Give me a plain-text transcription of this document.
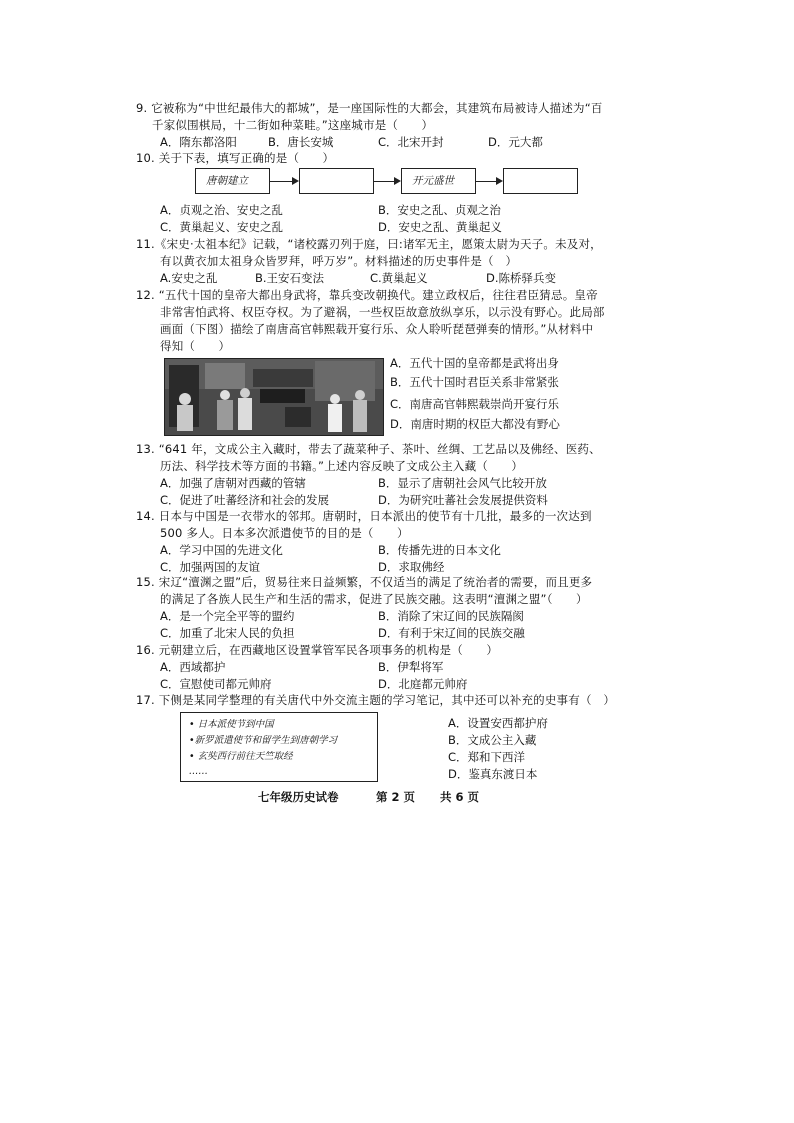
9. 它被称为“中世纪最伟大的都城”，是一座国际性的大都会，其建筑布局被诗人描述为“百
千家似围棋局，十二街如种菜畦。”这座城市是（　　）
A．隋东都洛阳	B．唐长安城	C．北宋开封	D．元大都
10. 关于下表，填写正确的是（　　）
唐朝建立	开元盛世
A．贞观之治、安史之乱	B．安史之乱、贞观之治
C．黄巢起义、安史之乱	D．安史之乱、黄巢起义
11.《宋史·太祖本纪》记载，“诸校露刃列于庭，曰:诸军无主，愿策太尉为天子。未及对，
有以黄衣加太祖身众皆罗拜，呼万岁”。材料描述的历史事件是（　）
A.安史之乱	B.王安石变法	C.黄巢起义	D.陈桥驿兵变
12. “五代十国的皇帝大都出身武将，靠兵变改朝换代。建立政权后，往往君臣猜忌。皇帝
非常害怕武将、权臣夺权。为了避祸，一些权臣故意放纵享乐，以示没有野心。此局部
画面（下图）描绘了南唐高官韩熙载开宴行乐、众人聆听琵琶弹奏的情形。”从材料中
得知（　　）
A．五代十国的皇帝都是武将出身
B．五代十国时君臣关系非常紧张
C．南唐高官韩熙载崇尚开宴行乐
D．南唐时期的权臣大都没有野心
13. “641 年，文成公主入藏时，带去了蔬菜种子、茶叶、丝绸、工艺品以及佛经、医药、
历法、科学技术等方面的书籍。”上述内容反映了文成公主入藏（　　）
A．加强了唐朝对西藏的管辖	B．显示了唐朝社会风气比较开放
C．促进了吐蕃经济和社会的发展	D．为研究吐蕃社会发展提供资料
14. 日本与中国是一衣带水的邻邦。唐朝时，日本派出的使节有十几批，最多的一次达到
500 多人。日本多次派遣使节的目的是（　　）
A．学习中国的先进文化	B．传播先进的日本文化
C．加强两国的友谊	D．求取佛经
15. 宋辽“澶渊之盟”后，贸易往来日益频繁，不仅适当的满足了统治者的需要，而且更多
的满足了各族人民生产和生活的需求，促进了民族交融。这表明“澶渊之盟”（　　）
A．是一个完全平等的盟约	B．消除了宋辽间的民族隔阂
C．加重了北宋人民的负担	D．有利于宋辽间的民族交融
16. 元朝建立后，在西藏地区设置掌管军民各项事务的机构是（　　）
A．西域都护	B．伊犁将军
C．宣慰使司都元帅府	D．北庭都元帅府
17. 下侧是某同学整理的有关唐代中外交流主题的学习笔记，其中还可以补充的史事有（　）
• 日本派使节到中国
•新罗派遣使节和留学生到唐朝学习
• 玄奘西行前往天竺取经
……
A．设置安西都护府
B．文成公主入藏
C．郑和下西洋
D．鉴真东渡日本
七年级历史试卷	第 2 页 共 6 页
